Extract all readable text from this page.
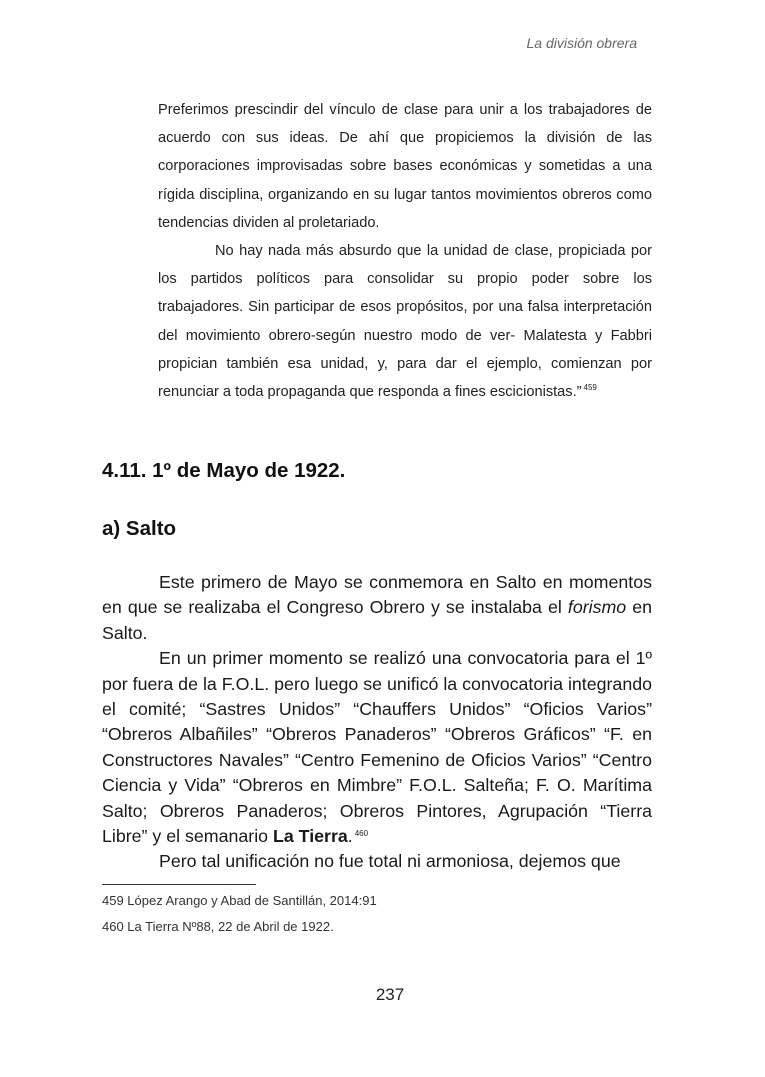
La división obrera

Preferimos prescindir del vínculo de clase para unir a los trabajadores de acuerdo con sus ideas. De ahí que propiciemos la división de las corporaciones improvisadas sobre bases económicas y sometidas a una rígida disciplina, organizando en su lugar tantos movimientos obreros como tendencias dividen al proletariado.

No hay nada más absurdo que la unidad de clase, propiciada por los partidos políticos para consolidar su propio poder sobre los trabajadores. Sin participar de esos propósitos, por una falsa interpretación del movimiento obrero-según nuestro modo de ver- Malatesta y Fabbri propician también esa unidad, y, para dar el ejemplo, comienzan por renunciar a toda propaganda que responda a fines escicionistas.” $^{459}$

4.11. 1º de Mayo de 1922.
a) Salto

Este primero de Mayo se conmemora en Salto en momentos en que se realizaba el Congreso Obrero y se instalaba el forismo en Salto.

En un primer momento se realizó una convocatoria para el 1º por fuera de la F.O.L. pero luego se unificó la convocatoria integrando el comité; “Sastres Unidos” “Chauffers Unidos” “Oficios Varios” “Obreros Albañiles” “Obreros Panaderos” “Obreros Gráficos” “F. en Constructores Navales” “Centro Femenino de Oficios Varios” “Centro Ciencia y Vida” “Obreros en Mimbre” F.O.L. Salteña; F. O. Marítima Salto; Obreros Panaderos; Obreros Pintores, Agrupación “Tierra Libre” y el semanario La Tierra. $^{460}$

Pero tal unificación no fue total ni armoniosa, dejemos que

459 López Arango y Abad de Santillán, 2014:91
460 La Tierra Nº88, 22 de Abril de 1922.
237
